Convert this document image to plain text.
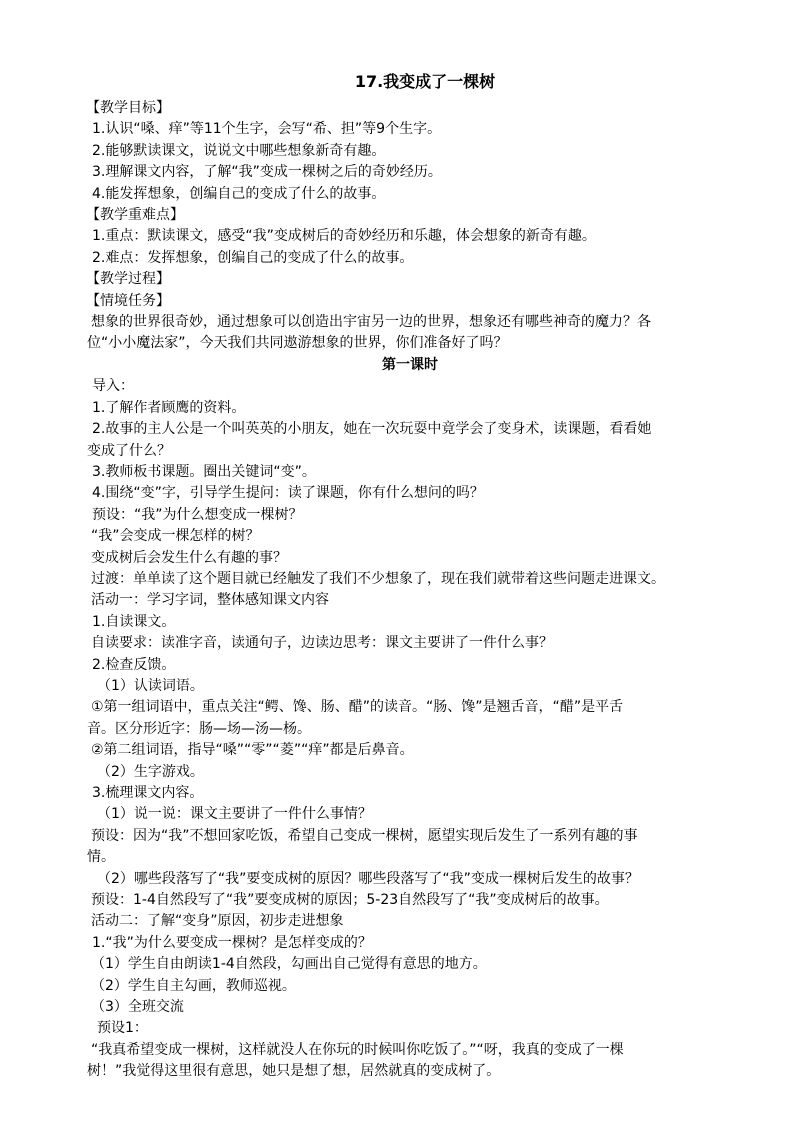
17.我变成了一棵树
【教学目标】
1.认识“嗓、痒”等11个生字，会写“希、担”等9个生字。
2.能够默读课文，说说文中哪些想象新奇有趣。
3.理解课文内容，了解“我”变成一棵树之后的奇妙经历。
4.能发挥想象，创编自己的变成了什么的故事。
【教学重难点】
1.重点：默读课文，感受“我”变成树后的奇妙经历和乐趣，体会想象的新奇有趣。
2.难点：发挥想象，创编自己的变成了什么的故事。
【教学过程】
【情境任务】
想象的世界很奇妙，通过想象可以创造出宇宙另一边的世界，想象还有哪些神奇的魔力？各
位“小小魔法家”，今天我们共同遨游想象的世界，你们准备好了吗？
第一课时
导入：
1.了解作者顾鹰的资料。
2.故事的主人公是一个叫英英的小朋友，她在一次玩耍中竟学会了变身术，读课题，看看她
变成了什么？
3.教师板书课题。圈出关键词“变”。
4.围绕“变”字，引导学生提问：读了课题，你有什么想问的吗？
预设：“我”为什么想变成一棵树？
“我”会变成一棵怎样的树？
变成树后会发生什么有趣的事？
过渡：单单读了这个题目就已经触发了我们不少想象了，现在我们就带着这些问题走进课文。
活动一：学习字词，整体感知课文内容
1.自读课文。
自读要求：读准字音，读通句子，边读边思考：课文主要讲了一件什么事？
2.检查反馈。
（1）认读词语。
①第一组词语中，重点关注“鳄、馋、肠、醋”的读音。“肠、馋”是翘舌音，“醋”是平舌
音。区分形近字：肠—场—汤—杨。
②第二组词语，指导“嗓”“零”“菱”“痒”都是后鼻音。
（2）生字游戏。
3.梳理课文内容。
（1）说一说：课文主要讲了一件什么事情？
预设：因为“我”不想回家吃饭，希望自己变成一棵树，愿望实现后发生了一系列有趣的事
情。
（2）哪些段落写了“我”要变成树的原因？哪些段落写了“我”变成一棵树后发生的故事？
预设：1-4自然段写了“我”要变成树的原因；5-23自然段写了“我”变成树后的故事。
活动二：了解“变身”原因，初步走进想象
1.“我”为什么要变成一棵树？是怎样变成的？
（1）学生自由朗读1-4自然段，勾画出自己觉得有意思的地方。
（2）学生自主勾画，教师巡视。
（3）全班交流
预设1：
“我真希望变成一棵树，这样就没人在你玩的时候叫你吃饭了。”“呀，我真的变成了一棵
树！”我觉得这里很有意思，她只是想了想，居然就真的变成树了。
